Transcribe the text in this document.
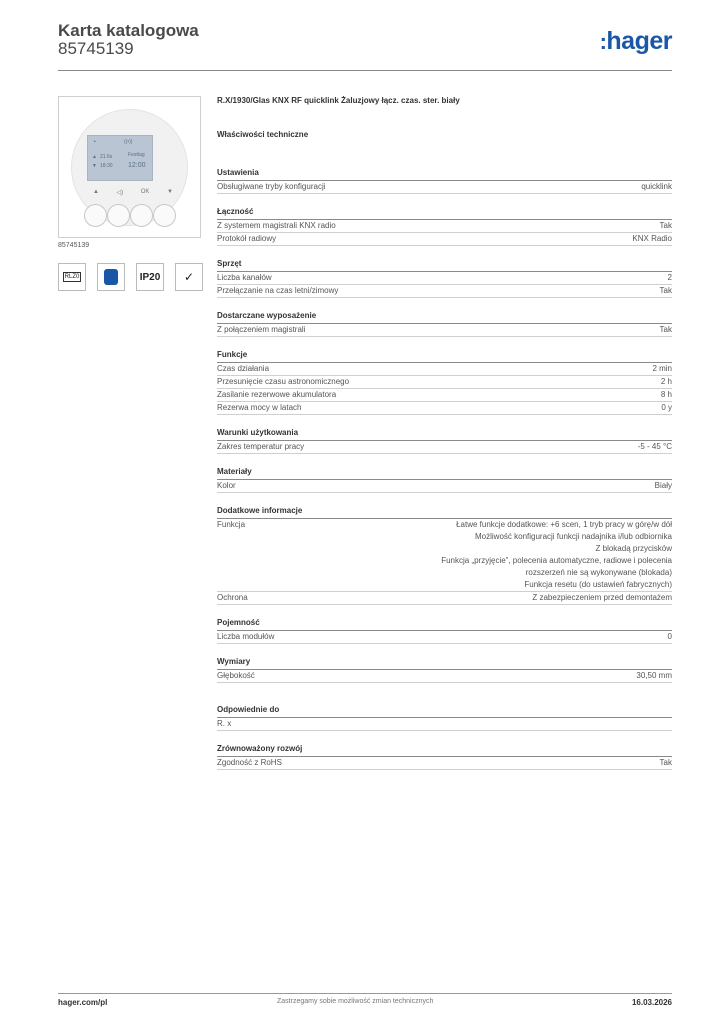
Karta katalogowa
85745139	:hager
◔	((•))
▲ 21.6s
▼ 18:30
Festtag
12:00
▲	◁)	OK	▼
85745139
RLZ0	IP20	✓
R.X/1930/Glas KNX RF quicklink Żaluzjowy łącz. czas. ster. biały
Właściwości techniczne
Ustawienia
Obsługiwane tryby konfiguracji	quicklink
Łączność
Z systemem magistrali KNX radio	Tak
Protokół radiowy	KNX Radio
Sprzęt
Liczba kanałów	2
Przełączanie na czas letni/zimowy	Tak
Dostarczane wyposażenie
Z połączeniem magistrali	Tak
Funkcje
Czas działania	2 min
Przesunięcie czasu astronomicznego	2 h
Zasilanie rezerwowe akumulatora	8 h
Rezerwa mocy w latach	0 y
Warunki użytkowania
Zakres temperatur pracy	-5 - 45 °C
Materiały
Kolor	Biały
Dodatkowe informacje
Funkcja	Łatwe funkcje dodatkowe: +6 scen, 1 tryb pracy w górę/w dół
Możliwość konfiguracji funkcji nadajnika i/lub odbiornika
Z blokadą przycisków
Funkcja „przyjęcie”, polecenia automatyczne, radiowe i polecenia
rozszerzeń nie są wykonywane (blokada)
Funkcja resetu (do ustawień fabrycznych)
Ochrona	Z zabezpieczeniem przed demontażem
Pojemność
Liczba modułów	0
Wymiary
Głębokość	30,50 mm
Odpowiednie do
R. x
Zrównoważony rozwój
Zgodność z RoHS	Tak
hager.com/pl	Zastrzegamy sobie możliwość zmian technicznych	16.03.2026
